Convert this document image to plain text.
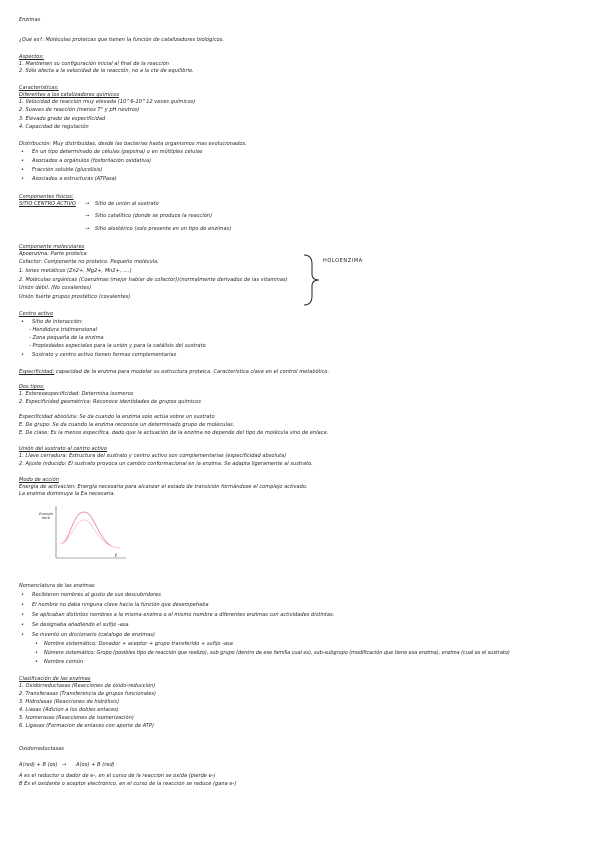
Enzimas
¿Qué es?: Moléculas proteicas que tienen la función de catalizadores biológicos.
Aspectos:
1. Mantienen su configuración inicial al final de la reacción
2. Sólo afecta a la velocidad de la reacción, no a la cte de equilibrio.
Características:
Diferentes a los catalizadores químicos
1. Velocidad de reacción muy elevada (10^6-10^12 veces químicos)
2. Suaves de reacción (menos T° y pH neutros)
3. Elevado grado de especificidad
4. Capacidad de regulación
Distribución: Muy distribuidas, desde las bacterias hasta organismos mas evolucionados.
• En un tipo determinado de células (pepsina) o en múltiples células
• Asociados a orgánulos (fosforilación oxidativa)
• Fracción soluble (glucolisis)
• Asociados a estructuras (ATPasa)
Componentes físicos:
SITIO CENTRO ACTIVO → Sitio de unión al sustrato
→ Sitio catalítico (donde se produce la reacción)
→ Sitio alostérico (solo presente en un tipo de enzimas)
Componente moleculares
Apoenzima: Parte proteica
Cofactor: Componente no proteico. Pequeño molécula.
1. Iones metálicos (Zn2+, Mg2+, Mn2+, ....)
2. Moléculas orgánicas (Coenzimas (mejor hablar de cofactor))(normalmente derivados de las vitaminas)
Unión débil. (No covalentes)
Unión fuerte grupos prostético (covalentes)
HOLOENZIMA
Centro activo
• Sitio de interacción:
- Hendidura tridimensional
- Zona pequeña de la enzima
- Propiedades especiales para la unión y para la catálisis del sustrato
• Sustrato y centro activo tienen formas complementarias
Especificidad: capacidad de la enzima para modelar su estructura proteica. Característica clave en el control metabólico.
Dos tipos:
1. Estereoespecificidad: Determina isomeros
2. Especificidad geométrica: Reconoce identidades de grupos químicos
Especificidad absoluta: Se da cuando la enzima solo actúa sobre un sustrato
E. De grupo: Se da cuando la enzima reconoce un determinado grupo de moléculas.
E. De clase: Es la menos específica, dado que la actuación de la enzima no depende del tipo de molécula sino de enlace.
Unión del sustrato al centro activo
1. Llave cerradura: Estructura del sustrato y centro activo son complementarias (especificidad absoluta)
2. Ajuste inducido: El sustrato provoca un cambio conformacional en la enzima. Se adapta ligeramente al sustrato.
Modo de acción
Energía de activación: Energía necesaria para alcanzar el estado de transición formándose el complejo activado.
La enzima disminuye la Ea necesaria.
Energía libre
t
Nomenclatura de las enzimas
• Recibieron nombres al gusto de sus descubridores
• El nombre no daba ninguna clave hacia la función que desempeñaba
• Se aplicaban distintos nombres a la misma enzima o el mismo nombre a diferentes enzimas con actividades distintas.
• Se designaba añadiendo el sufijo -asa
• Se inventó un diccionario (catalogo de enzimas)
• Nombre sistemático: Donador + aceptor + grupo transferido + sufijo -asa
• Número sistemático: Grupo (posibles tipo de reacción que realizo), sub grupo (dentro de ese familia cual es), sub-subgrupo (modificación que tiene esa enzima), enzima (cual es el sustrato)
• Nombre común
Clasificación de las enzimas
1. Oxidorreductasas (Reacciones de óxido-reducción)
2. Transferasas (Transferencia de grupos funcionales)
3. Hidrolasas (Reacciones de hidrólisis)
4. Liasas (Adicion a los dobles enlaces)
5. Isomerasas (Reacciones de isomerización)
6. Ligasas (Formacion de enlaces con aporte de ATP)
Oxidorreductasas
A(red) + B (ox) → A(ox) + B (red)
A es el reductor o dador de e-, en el curso de la reaccion se oxida (pierde e-)
B Es el oxidante o aceptor electronico, en el curso de la reaccion se reduce (gana e-)
